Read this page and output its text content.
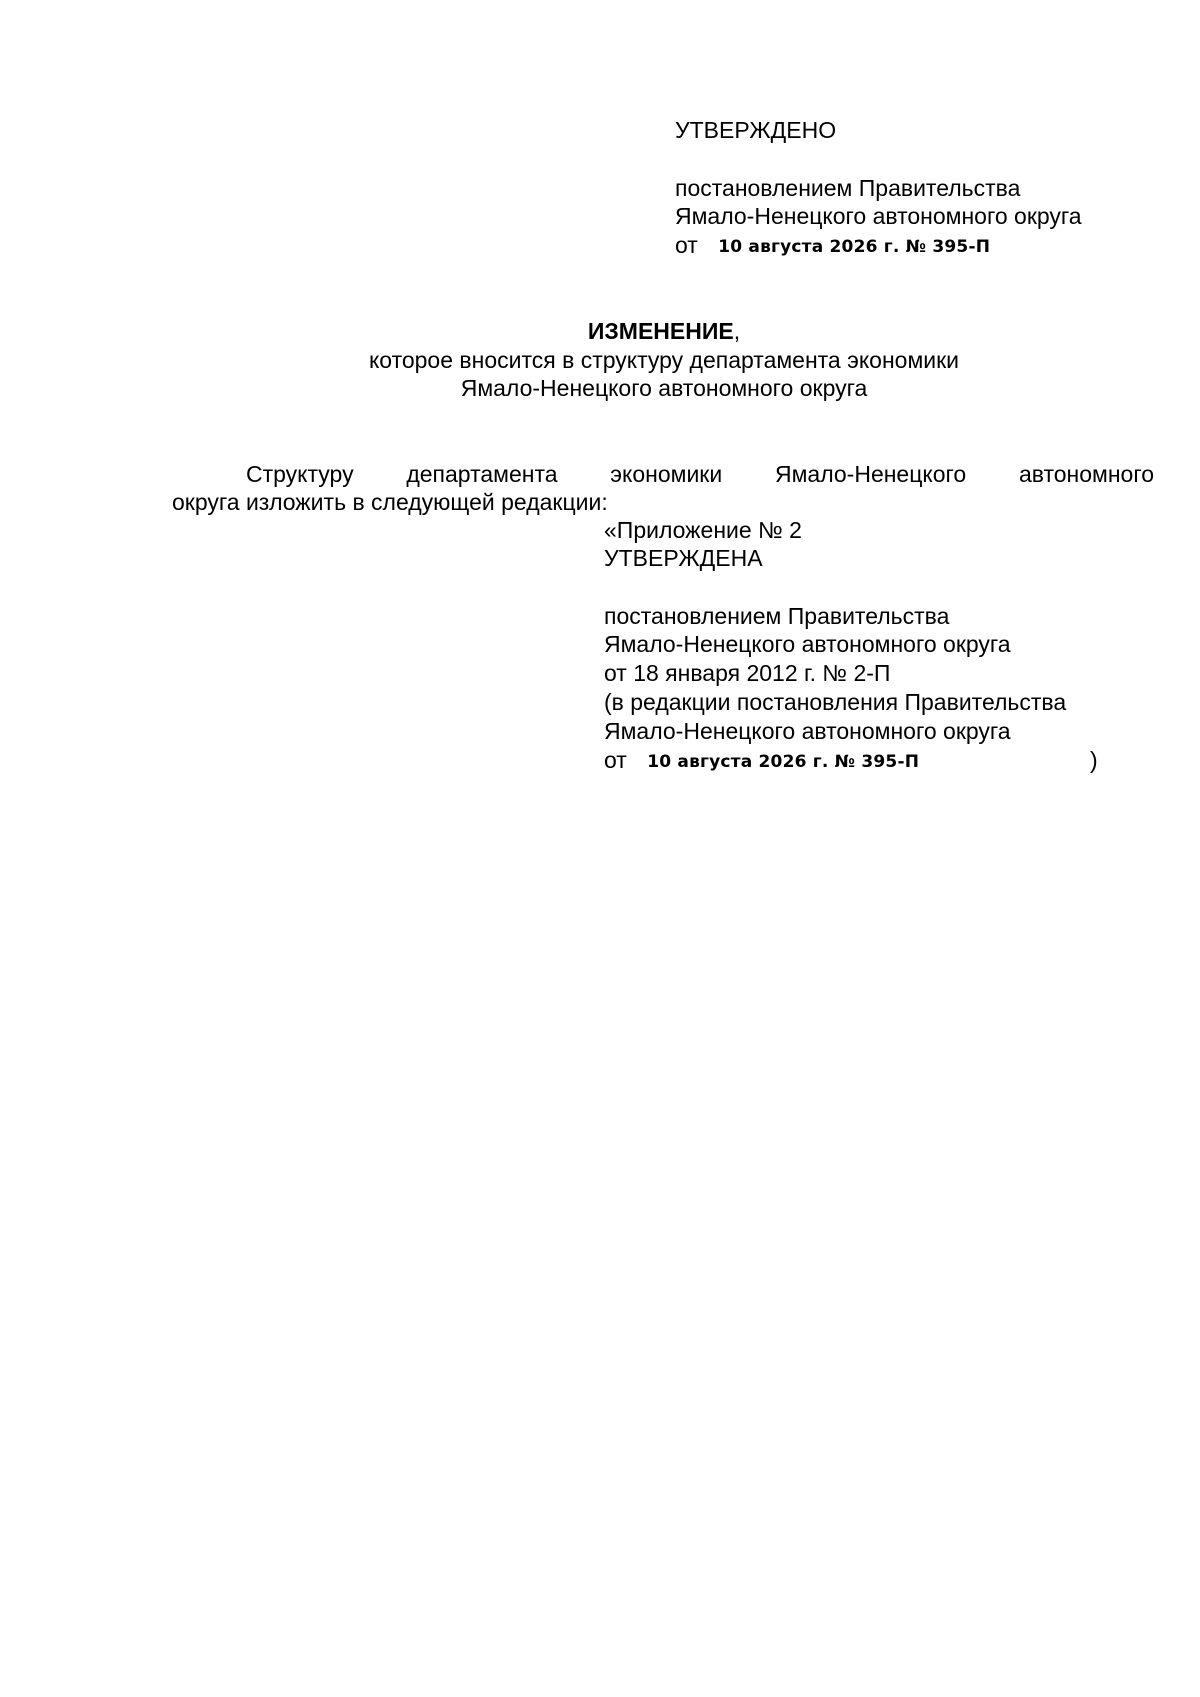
УТВЕРЖДЕНО
постановлением Правительства
Ямало-Ненецкого автономного округа
от 10 августа 2026 г. № 395-П
ИЗМЕНЕНИЕ,
которое вносится в структуру департамента экономики
Ямало-Ненецкого автономного округа
Структуру департамента экономики Ямало-Ненецкого автономного
округа изложить в следующей редакции:
«Приложение № 2
УТВЕРЖДЕНА
постановлением Правительства
Ямало-Ненецкого автономного округа
от 18 января 2012 г. № 2-П
(в редакции постановления Правительства
Ямало-Ненецкого автономного округа
от 10 августа 2026 г. № 395-П	)
